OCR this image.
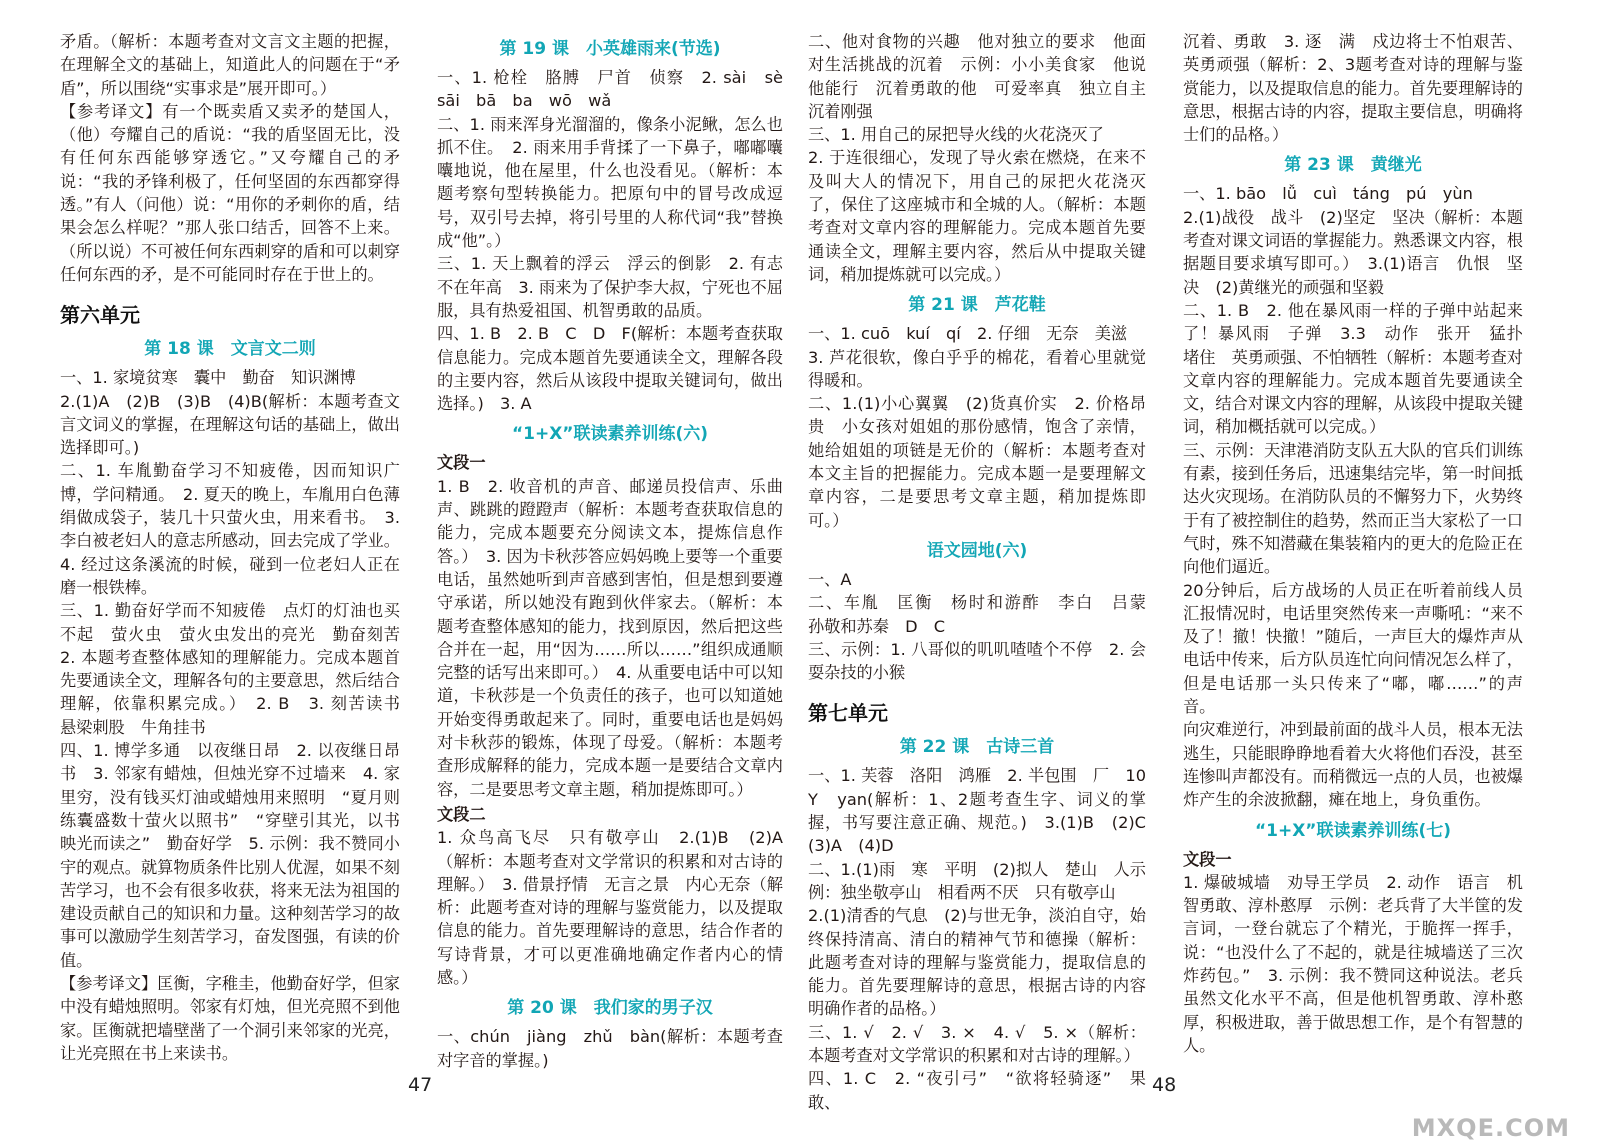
矛盾。（解析：本题考查对文言文主题的把握，在理解全文的基础上，知道此人的问题在于“矛盾”，所以围绕“实事求是”展开即可。）
【参考译文】有一个既卖盾又卖矛的楚国人，（他）夸耀自己的盾说：“我的盾坚固无比，没有任何东西能够穿透它。”又夸耀自己的矛说：“我的矛锋利极了，任何坚固的东西都穿得透。”有人（问他）说：“用你的矛刺你的盾，结果会怎么样呢？”那人张口结舌，回答不上来。（所以说）不可被任何东西刺穿的盾和可以刺穿任何东西的矛，是不可能同时存在于世上的。
第六单元
第 18 课　文言文二则
一、1. 家境贫寒　囊中　勤奋　知识渊博
2.(1)A　(2)B　(3)B　(4)B(解析：本题考查文言文词义的掌握，在理解这句话的基础上，做出选择即可。)
二、1. 车胤勤奋学习不知疲倦，因而知识广博，学问精通。　2. 夏天的晚上，车胤用白色薄绢做成袋子，装几十只萤火虫，用来看书。　3. 李白被老妇人的意志所感动，回去完成了学业。
4. 经过这条溪流的时候，碰到一位老妇人正在磨一根铁棒。
三、1. 勤奋好学而不知疲倦　点灯的灯油也买不起　萤火虫　萤火虫发出的亮光　勤奋刻苦　2. 本题考查整体感知的理解能力。完成本题首先要通读全文，理解各句的主要意思，然后结合理解，依靠积累完成。）　2. B　3. 刻苦读书　悬梁刺股　牛角挂书
四、1. 博学多通　以夜继日昂　2. 以夜继日昂书　3. 邻家有蜡烛，但烛光穿不过墙来　4. 家里穷，没有钱买灯油或蜡烛用来照明　“夏月则练囊盛数十萤火以照书”　“穿壁引其光，以书映光而读之”　勤奋好学　5. 示例：我不赞同小宇的观点。就算物质条件比别人优渥，如果不刻苦学习，也不会有很多收获，将来无法为祖国的建设贡献自己的知识和力量。这种刻苦学习的故事可以激励学生刻苦学习，奋发图强，有读的价值。
【参考译文】匡衡，字稚圭，他勤奋好学，但家中没有蜡烛照明。邻家有灯烛，但光亮照不到他家。匡衡就把墙壁凿了一个洞引来邻家的光亮，让光亮照在书上来读书。
第 19 课　小英雄雨来(节选)
一、1. 枪栓　胳膊　尸首　侦察　2. sài　sè　sāi　bā　ba　wō　wǎ
二、1. 雨来浑身光溜溜的，像条小泥鳅，怎么也抓不住。　2. 雨来用手背揉了一下鼻子，嘟嘟囔囔地说，他在屋里，什么也没看见。（解析：本题考察句型转换能力。把原句中的冒号改成逗号，双引号去掉，将引号里的人称代词“我”替换成“他”。）
三、1. 天上飘着的浮云　浮云的倒影　2. 有志不在年高　3. 雨来为了保护李大叔，宁死也不屈服，具有热爱祖国、机智勇敢的品质。
四、1. B　2. B　C　D　F(解析：本题考查获取信息能力。完成本题首先要通读全文，理解各段的主要内容，然后从该段中提取关键词句，做出选择。)　3. A
“1+X”联读素养训练(六)
文段一
1. B　2. 收音机的声音、邮递员投信声、乐曲声、跳跳的蹬蹬声（解析：本题考查获取信息的能力，完成本题要充分阅读文本，提炼信息作答。）　3. 因为卡秋莎答应妈妈晚上要等一个重要电话，虽然她听到声音感到害怕，但是想到要遵守承诺，所以她没有跑到伙伴家去。（解析：本题考查整体感知的能力，找到原因，然后把这些合并在一起，用“因为……所以……”组织成通顺完整的话写出来即可。）　4. 从重要电话中可以知道，卡秋莎是一个负责任的孩子，也可以知道她开始变得勇敢起来了。同时，重要电话也是妈妈对卡秋莎的锻炼，体现了母爱。（解析：本题考查形成解释的能力，完成本题一是要结合文章内容，二是要思考文章主题，稍加提炼即可。）
文段二
1. 众鸟高飞尽　只有敬亭山　2.(1)B　(2)A（解析：本题考查对文学常识的积累和对古诗的理解。）　3. 借景抒情　无言之景　内心无奈（解析：此题考查对诗的理解与鉴赏能力，以及提取信息的能力。首先要理解诗的意思，结合作者的写诗背景，才可以更准确地确定作者内心的情感。）
第 20 课　我们家的男子汉
一、chún　jiàng　zhǔ　bàn(解析：本题考查对字音的掌握。)
二、他对食物的兴趣　他对独立的要求　他面对生活挑战的沉着　示例：小小美食家　他说他能行　沉着勇敢的他　可爱率真　独立自主　沉着刚强
三、1. 用自己的尿把导火线的火花浇灭了
2. 于连很细心，发现了导火索在燃烧，在来不及叫大人的情况下，用自己的尿把火花浇灭了，保住了这座城市和全城的人。（解析：本题考查对文章内容的理解能力。完成本题首先要通读全文，理解主要内容，然后从中提取关键词，稍加提炼就可以完成。）
第 21 课　芦花鞋
一、1. cuō　kuí　qí　2. 仔细　无奈　美滋
3. 芦花很软，像白乎乎的棉花，看着心里就觉得暖和。
二、1.(1)小心翼翼　(2)货真价实　2. 价格昂贵　小女孩对姐姐的那份感情，饱含了亲情，她给姐姐的项链是无价的（解析：本题考查对本文主旨的把握能力。完成本题一是要理解文章内容，二是要思考文章主题，稍加提炼即可。）
语文园地(六)
一、A
二、车胤　匡衡　杨时和游酢　李白　吕蒙　孙敬和苏秦　D　C
三、示例：1. 八哥似的叽叽喳喳个不停　2. 会耍杂技的小猴
第七单元
第 22 课　古诗三首
一、1. 芙蓉　洛阳　鸿雁　2. 半包围　厂　10　Y　yan(解析：1、2题考查生字、词义的掌握，书写要注意正确、规范。)　3.(1)B　(2)C　(3)A　(4)D
二、1.(1)雨　寒　平明　(2)拟人　楚山　人示例：独坐敬亭山　相看两不厌　只有敬亭山
2.(1)清香的气息　(2)与世无争，淡泊自守，始终保持清高、清白的精神气节和德操（解析：此题考查对诗的理解与鉴赏能力，提取信息的能力。首先要理解诗的意思，根据古诗的内容明确作者的品格。）
三、1. √　2. √　3. ×　4. √　5. ×（解析：本题考查对文学常识的积累和对古诗的理解。）
四、1. C　2. “夜引弓”　“欲将轻骑逐”　果敢、
沉着、勇敢　3. 逐　满　戍边将士不怕艰苦、英勇顽强（解析：2、3题考查对诗的理解与鉴赏能力，以及提取信息的能力。首先要理解诗的意思，根据古诗的内容，提取主要信息，明确将士们的品格。）
第 23 课　黄继光
一、1. bāo　lǚ　cuì　táng　pú　yùn
2.(1)战役　战斗　(2)坚定　坚决（解析：本题考查对课文词语的掌握能力。熟悉课文内容，根据题目要求填写即可。）　3.(1)语言　仇恨　坚决　(2)黄继光的顽强和坚毅
二、1. B　2. 他在暴风雨一样的子弹中站起来了！暴风雨　子弹　3.3　动作　张开　猛扑　堵住　英勇顽强、不怕牺牲（解析：本题考查对文章内容的理解能力。完成本题首先要通读全文，结合对课文内容的理解，从该段中提取关键词，稍加概括就可以完成。）
三、示例：天津港消防支队五大队的官兵们训练有素，接到任务后，迅速集结完毕，第一时间抵达火灾现场。在消防队员的不懈努力下，火势终于有了被控制住的趋势，然而正当大家松了一口气时，殊不知潜藏在集装箱内的更大的危险正在向他们逼近。
20分钟后，后方战场的人员正在听着前线人员汇报情况时，电话里突然传来一声嘶吼：“来不及了！撤！快撤！”随后，一声巨大的爆炸声从电话中传来，后方队员连忙向问情况怎么样了，但是电话那一头只传来了“嘟，嘟……”的声音。
向灾难逆行，冲到最前面的战斗人员，根本无法逃生，只能眼睁睁地看着大火将他们吞没，甚至连惨叫声都没有。而稍微远一点的人员，也被爆炸产生的余波掀翻，瘫在地上，身负重伤。
“1+X”联读素养训练(七)
文段一
1. 爆破城墙　劝导王学员　2. 动作　语言　机智勇敢、淳朴憨厚　示例：老兵背了大半筐的发言词，一登台就忘了个精光，于脆挥一挥手，说：“也没什么了不起的，就是往城墙送了三次炸药包。”　3. 示例：我不赞同这种说法。老兵虽然文化水平不高，但是他机智勇敢、淳朴憨厚，积极进取，善于做思想工作，是个有智慧的人。
47	48
MXQE.COM
